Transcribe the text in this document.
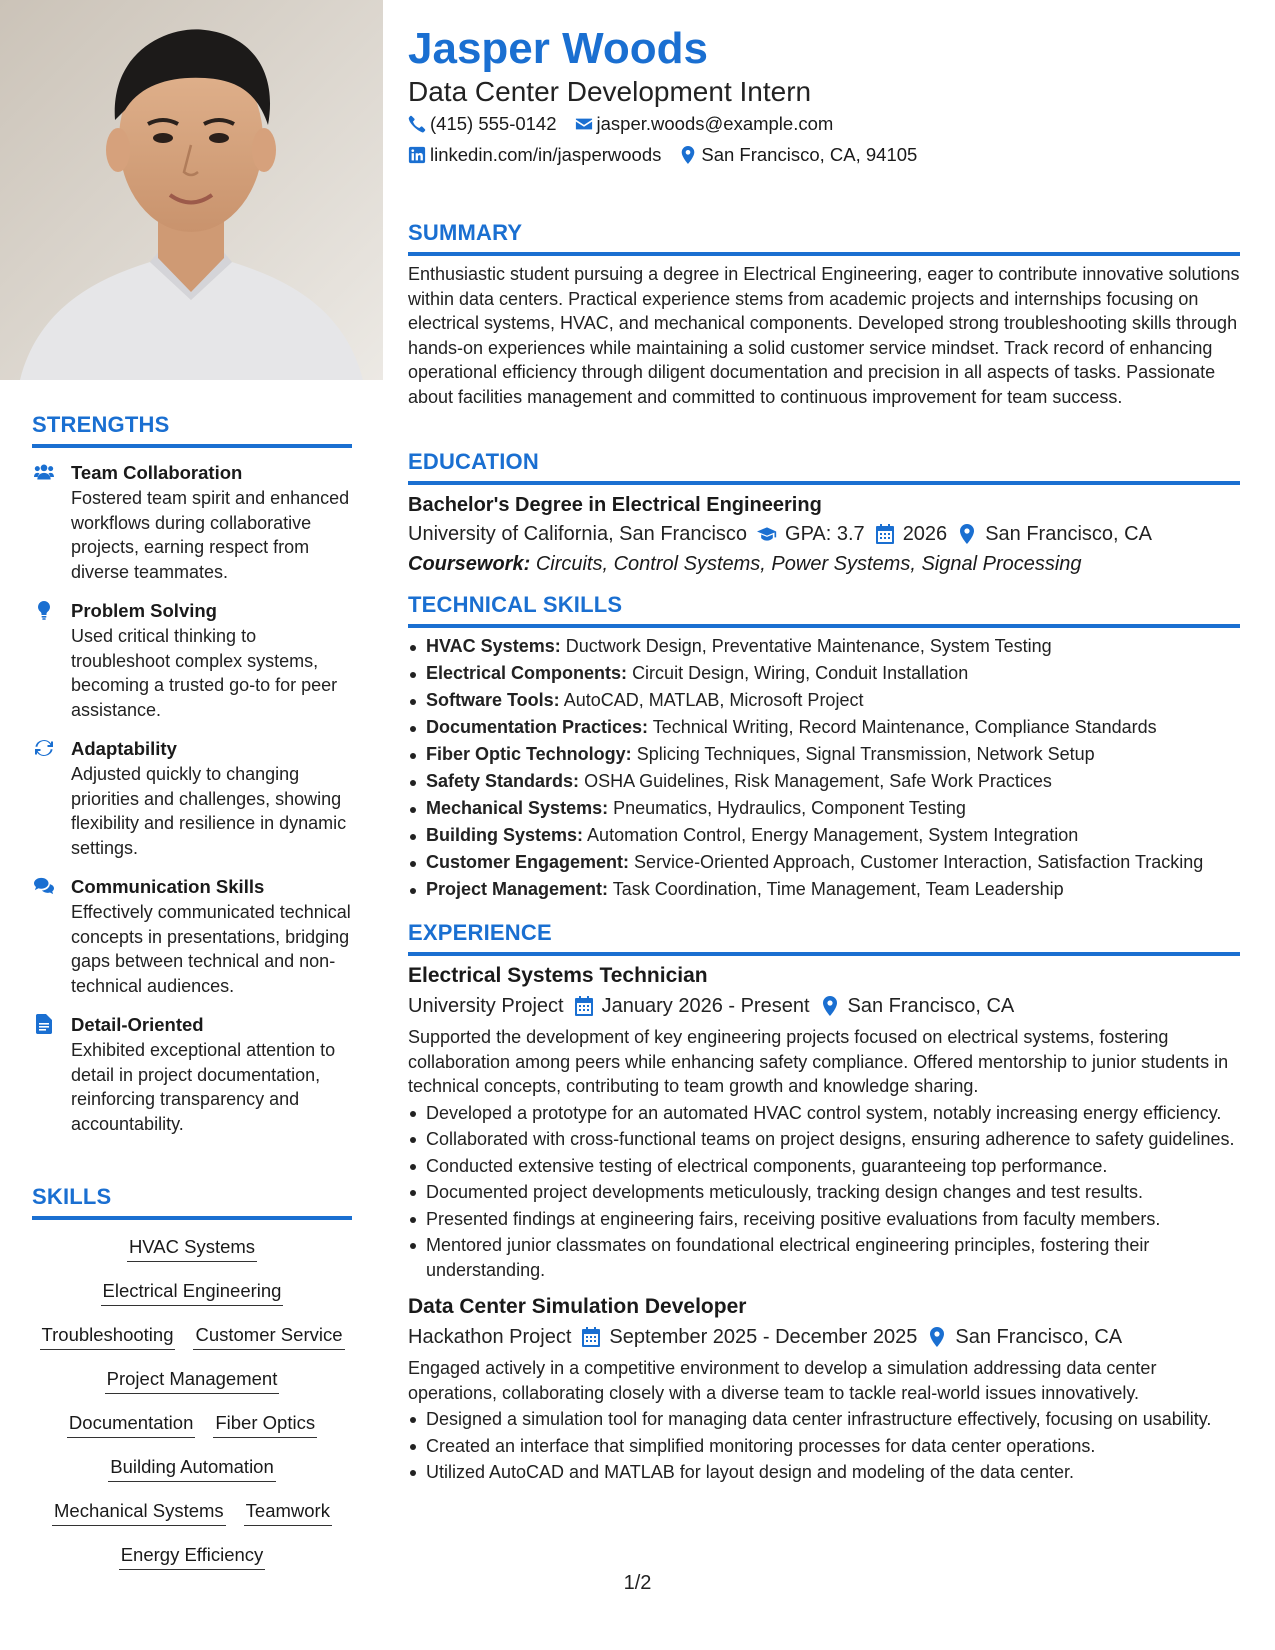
STRENGTHS
Team Collaboration
Fostered team spirit and enhanced workflows during collaborative projects, earning respect from diverse teammates.
Problem Solving
Used critical thinking to troubleshoot complex systems, becoming a trusted go-to for peer assistance.
Adaptability
Adjusted quickly to changing priorities and challenges, showing flexibility and resilience in dynamic settings.
Communication Skills
Effectively communicated technical concepts in presentations, bridging gaps between technical and non-technical audiences.
Detail-Oriented
Exhibited exceptional attention to detail in project documentation, reinforcing transparency and accountability.
SKILLS
HVAC Systems
Electrical Engineering
Troubleshooting Customer Service
Project Management
Documentation Fiber Optics
Building Automation
Mechanical Systems Teamwork
Energy Efficiency
Jasper Woods
Data Center Development Intern
(415) 555-0142 jasper.woods@example.com
linkedin.com/in/jasperwoods San Francisco, CA, 94105
SUMMARY
Enthusiastic student pursuing a degree in Electrical Engineering, eager to contribute innovative solutions within data centers. Practical experience stems from academic projects and internships focusing on electrical systems, HVAC, and mechanical components. Developed strong troubleshooting skills through hands-on experiences while maintaining a solid customer service mindset. Track record of enhancing operational efficiency through diligent documentation and precision in all aspects of tasks. Passionate about facilities management and committed to continuous improvement for team success.
EDUCATION
Bachelor's Degree in Electrical Engineering
University of California, San Francisco GPA: 3.7 2026 San Francisco, CA
Coursework: Circuits, Control Systems, Power Systems, Signal Processing
TECHNICAL SKILLS
HVAC Systems: Ductwork Design, Preventative Maintenance, System Testing
Electrical Components: Circuit Design, Wiring, Conduit Installation
Software Tools: AutoCAD, MATLAB, Microsoft Project
Documentation Practices: Technical Writing, Record Maintenance, Compliance Standards
Fiber Optic Technology: Splicing Techniques, Signal Transmission, Network Setup
Safety Standards: OSHA Guidelines, Risk Management, Safe Work Practices
Mechanical Systems: Pneumatics, Hydraulics, Component Testing
Building Systems: Automation Control, Energy Management, System Integration
Customer Engagement: Service-Oriented Approach, Customer Interaction, Satisfaction Tracking
Project Management: Task Coordination, Time Management, Team Leadership
EXPERIENCE
Electrical Systems Technician
University Project January 2026 - Present San Francisco, CA
Supported the development of key engineering projects focused on electrical systems, fostering collaboration among peers while enhancing safety compliance. Offered mentorship to junior students in technical concepts, contributing to team growth and knowledge sharing.
Developed a prototype for an automated HVAC control system, notably increasing energy efficiency.
Collaborated with cross-functional teams on project designs, ensuring adherence to safety guidelines.
Conducted extensive testing of electrical components, guaranteeing top performance.
Documented project developments meticulously, tracking design changes and test results.
Presented findings at engineering fairs, receiving positive evaluations from faculty members.
Mentored junior classmates on foundational electrical engineering principles, fostering their understanding.
Data Center Simulation Developer
Hackathon Project September 2025 - December 2025 San Francisco, CA
Engaged actively in a competitive environment to develop a simulation addressing data center operations, collaborating closely with a diverse team to tackle real-world issues innovatively.
Designed a simulation tool for managing data center infrastructure effectively, focusing on usability.
Created an interface that simplified monitoring processes for data center operations.
Utilized AutoCAD and MATLAB for layout design and modeling of the data center.
1/2
